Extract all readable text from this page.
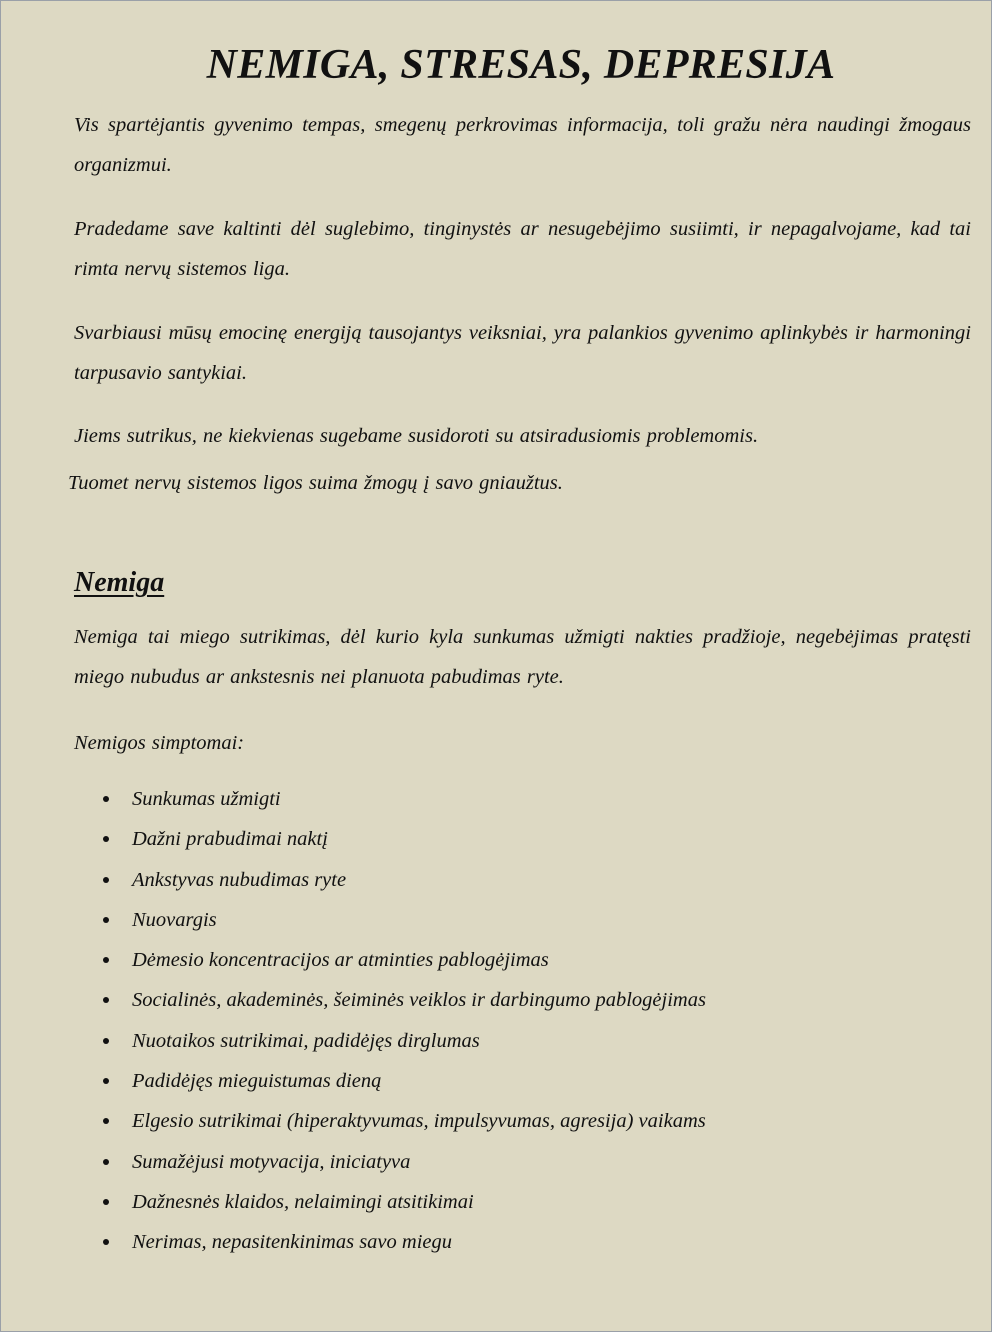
NEMIGA, STRESAS, DEPRESIJA

Vis spartėjantis gyvenimo tempas, smegenų perkrovimas informacija, toli gražu nėra naudingi žmogaus organizmui.

Pradedame save kaltinti dėl suglebimo, tinginystės ar nesugebėjimo susiimti, ir nepagalvojame, kad tai rimta nervų sistemos liga.

Svarbiausi mūsų emocinę energiją tausojantys veiksniai, yra palankios gyvenimo aplinkybės ir harmoningi tarpusavio santykiai.

Jiems sutrikus, ne kiekvienas sugebame susidoroti su atsiradusiomis problemomis.

Tuomet nervų sistemos ligos suima žmogų į savo gniaužtus.

Nemiga

Nemiga tai miego sutrikimas, dėl kurio kyla sunkumas užmigti nakties pradžioje, negebėjimas pratęsti miego nubudus ar ankstesnis nei planuota pabudimas ryte.

Nemigos simptomai:

Sunkumas užmigti
Dažni prabudimai naktį
Ankstyvas nubudimas ryte
Nuovargis
Dėmesio koncentracijos ar atminties pablogėjimas
Socialinės, akademinės, šeiminės veiklos ir darbingumo pablogėjimas
Nuotaikos sutrikimai, padidėjęs dirglumas
Padidėjęs mieguistumas dieną
Elgesio sutrikimai (hiperaktyvumas, impulsyvumas, agresija) vaikams
Sumažėjusi motyvacija, iniciatyva
Dažnesnės klaidos, nelaimingi atsitikimai
Nerimas, nepasitenkinimas savo miegu
